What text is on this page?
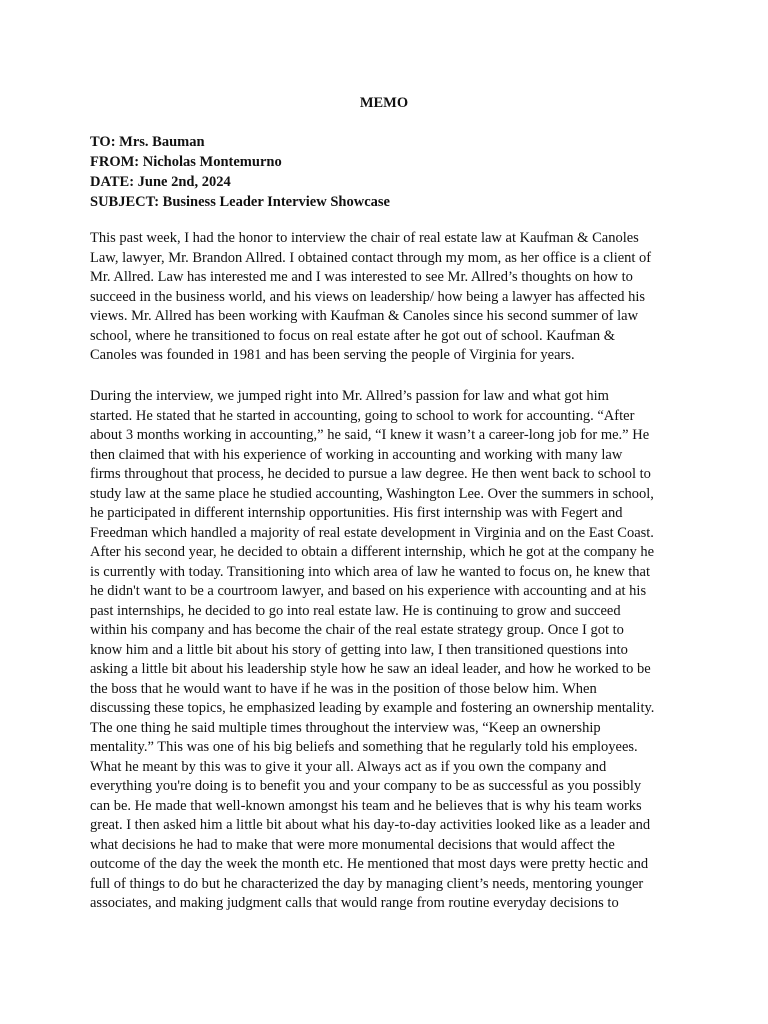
MEMO

TO: Mrs. Bauman

FROM: Nicholas Montemurno

DATE: June 2nd, 2024

SUBJECT: Business Leader Interview Showcase

This past week, I had the honor to interview the chair of real estate law at Kaufman & Canoles
Law, lawyer, Mr. Brandon Allred. I obtained contact through my mom, as her office is a client of
Mr. Allred. Law has interested me and I was interested to see Mr. Allred’s thoughts on how to
succeed in the business world, and his views on leadership/ how being a lawyer has affected his
views. Mr. Allred has been working with Kaufman & Canoles since his second summer of law
school, where he transitioned to focus on real estate after he got out of school. Kaufman &
Canoles was founded in 1981 and has been serving the people of Virginia for years.
During the interview, we jumped right into Mr. Allred’s passion for law and what got him
started. He stated that he started in accounting, going to school to work for accounting. “After
about 3 months working in accounting,” he said, “I knew it wasn’t a career-long job for me.” He
then claimed that with his experience of working in accounting and working with many law
firms throughout that process, he decided to pursue a law degree. He then went back to school to
study law at the same place he studied accounting, Washington Lee. Over the summers in school,
he participated in different internship opportunities. His first internship was with Fegert and
Freedman which handled a majority of real estate development in Virginia and on the East Coast.
After his second year, he decided to obtain a different internship, which he got at the company he
is currently with today. Transitioning into which area of law he wanted to focus on, he knew that
he didn't want to be a courtroom lawyer, and based on his experience with accounting and at his
past internships, he decided to go into real estate law. He is continuing to grow and succeed
within his company and has become the chair of the real estate strategy group. Once I got to
know him and a little bit about his story of getting into law, I then transitioned questions into
asking a little bit about his leadership style how he saw an ideal leader, and how he worked to be
the boss that he would want to have if he was in the position of those below him. When
discussing these topics, he emphasized leading by example and fostering an ownership mentality.
The one thing he said multiple times throughout the interview was, “Keep an ownership
mentality.” This was one of his big beliefs and something that he regularly told his employees.
What he meant by this was to give it your all. Always act as if you own the company and
everything you're doing is to benefit you and your company to be as successful as you possibly
can be. He made that well-known amongst his team and he believes that is why his team works
great. I then asked him a little bit about what his day-to-day activities looked like as a leader and
what decisions he had to make that were more monumental decisions that would affect the
outcome of the day the week the month etc. He mentioned that most days were pretty hectic and
full of things to do but he characterized the day by managing client’s needs, mentoring younger
associates, and making judgment calls that would range from routine everyday decisions to
